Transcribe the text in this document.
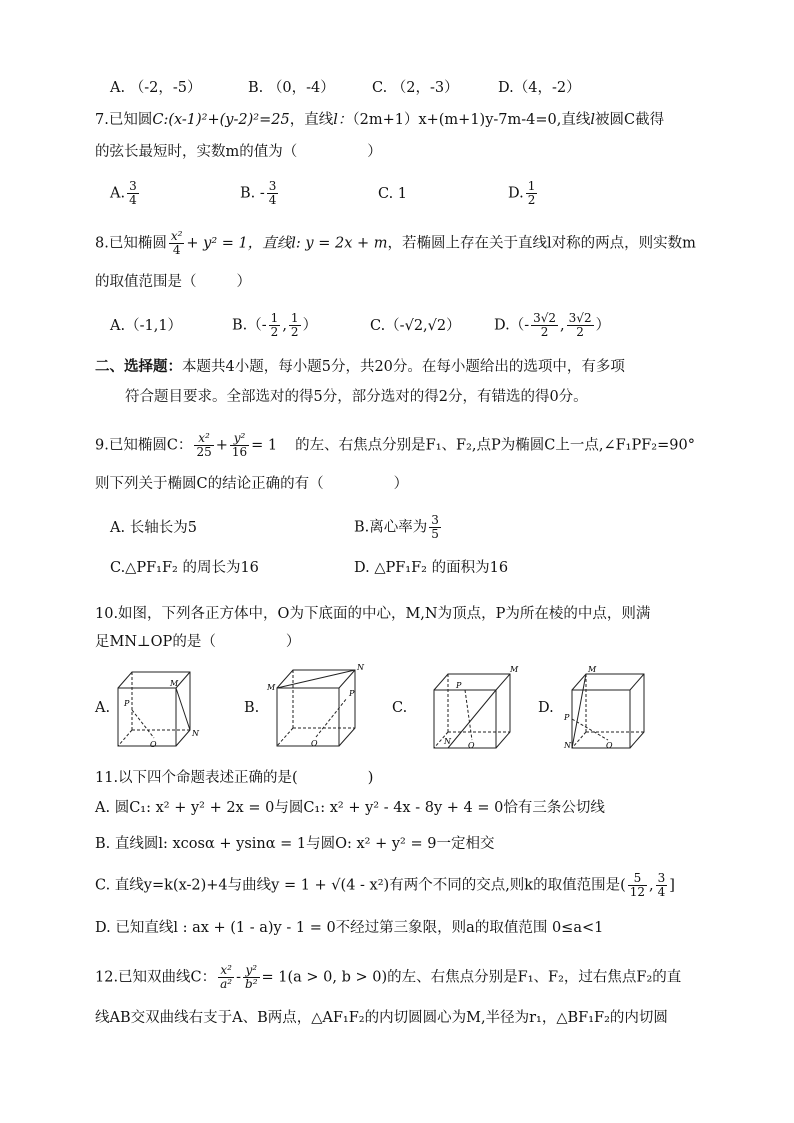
A. （-2，-5）	B. （0，-4）	C. （2，-3）	D.（4，-2）
7.已知圆C:(x-1)²+(y-2)²=25，直线l：（2m+1）x+(m+1)y-7m-4=0,直线l被圆C截得
的弦长最短时，实数m的值为（	）
A. $\frac{3}{4}$	B. - $\frac{3}{4}$	C. 1	D. $\frac{1}{2}$
8.已知椭圆 $\frac{\text{x²}}{4} + y^2 = 1$，直线l: y = 2x + m，若椭圆上存在关于直线l对称的两点，则实数m
的取值范围是（	）
A.（-1,1）	$B.(- \frac{1}{2}$ , $\frac{1}{2}$ ）	C.（-√2,√2） $D.(- \frac{3√2}{2}$ , $\frac{3√2}{2}$ ）
二、选择题：本题共4小题，每小题5分，共20分。在每小题给出的选项中，有多项
符合题目要求。全部选对的得5分，部分选对的得2分，有错选的得0分。
9.已知椭圆C： $\frac{\text{x²}}{25} + \frac{\text{y²}}{16} = 1$ 的左、右焦点分别是F₁、F₂,点P为椭圆C上一点,∠F₁PF₂=90°
则下列关于椭圆C的结论正确的有（	）
A. 长轴长为5	B.离心率为 $\frac{3}{5}$
C.△PF₁F₂ 的周长为16	D. △PF₁F₂ 的面积为16
10.如图，下列各正方体中，O为下底面的中心，M,N为顶点，P为所在棱的中点，则满
足MN⊥OP的是（	）
A.
M
N
P
O
B.
M
N
P
O
C.
M
N
P
O
D.
M
N
P
O
11.以下四个命题表述正确的是(	)
A. 圆C₁: x² + y² + 2x = 0与圆C₁: x² + y² - 4x - 8y + 4 = 0恰有三条公切线
B. 直线圆l: xcosα + ysinα = 1与圆O: x² + y² = 9一定相交
C. 直线y=k(x-2)+4与曲线y = 1 + √(4 - x²)有两个不同的交点,则k的取值范围是( $\frac{5}{12}$ , $\frac{3}{4}$ ]
D. 已知直线l : ax + (1 - a)y - 1 = 0不经过第三象限，则a的取值范围 0≤a<1
12.已知双曲线C： $\frac{\text{x²}}{\text{a²}} - \frac{\text{y²}}{\text{b²}} = 1(a > 0$, b > 0)的左、右焦点分别是F₁、F₂，过右焦点F₂的直
线AB交双曲线右支于A、B两点，△AF₁F₂的内切圆圆心为M,半径为r₁，△BF₁F₂的内切圆
